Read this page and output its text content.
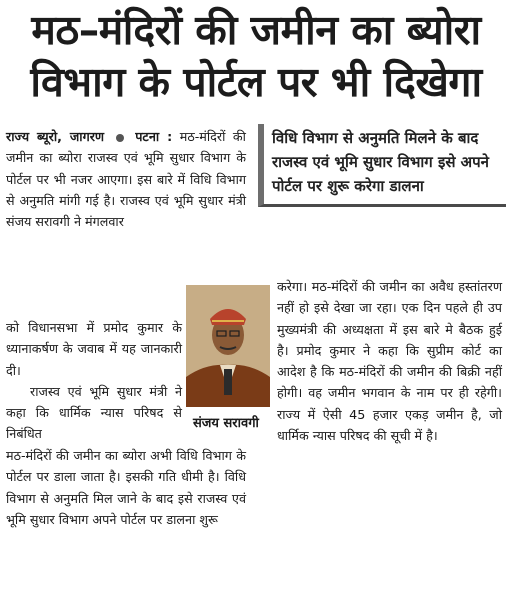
मठ–मंदिरों की जमीन का ब्योरा
विभाग के पोर्टल पर भी दिखेगा

राज्य ब्यूरो, जागरण पटना : मठ-मंदिरों की जमीन का ब्योरा राजस्व एवं भूमि सुधार विभाग के पोर्टल पर भी नजर आएगा। इस बारे में विधि विभाग से अनुमति मांगी गई है। राजस्व एवं भूमि सुधार मंत्री संजय सरावगी ने मंगलवार

को विधानसभा में प्रमोद कुमार के ध्यानाकर्षण के जवाब में यह जानकारी दी।

राजस्व एवं भूमि सुधार मंत्री ने कहा कि धार्मिक न्यास परिषद से निबंधित

मठ-मंदिरों की जमीन का ब्योरा अभी विधि विभाग के पोर्टल पर डाला जाता है। इसकी गति धीमी है। विधि विभाग से अनुमति मिल जाने के बाद इसे राजस्व एवं भूमि सुधार विभाग अपने पोर्टल पर डालना शुरू

विधि विभाग से अनुमति मिलने के बाद राजस्व एवं भूमि सुधार विभाग इसे अपने पोर्टल पर शुरू करेगा डालना

करेगा। मठ-मंदिरों की जमीन का अवैध हस्तांतरण नहीं हो इसे देखा जा रहा। एक दिन पहले ही उप मुख्यमंत्री की अध्यक्षता में इस बारे मे बैठक हुई है। प्रमोद कुमार ने कहा कि सुप्रीम कोर्ट का आदेश है कि मठ-मंदिरों की जमीन की बिक्री नहीं होगी। वह जमीन भगवान के नाम पर ही रहेगी। राज्य में ऐसी 45 हजार एकड़ जमीन है, जो धार्मिक न्यास परिषद की सूची में है।

संजय सरावगी
